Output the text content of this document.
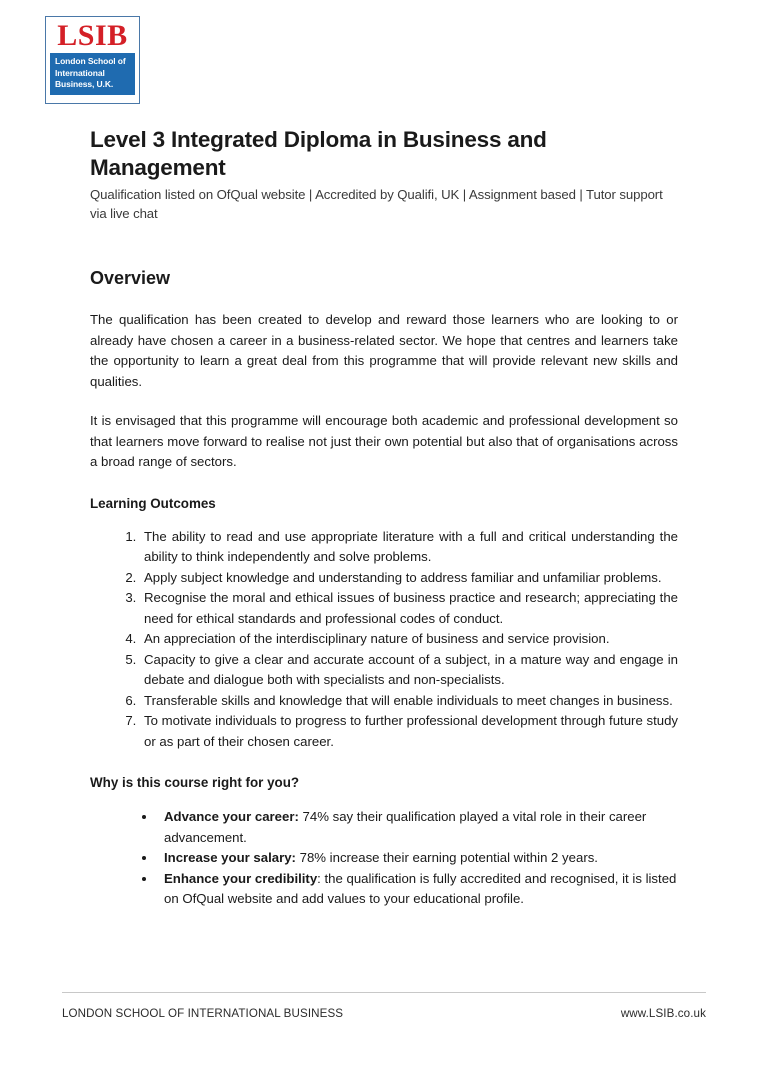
LSIB
London School of
International
Business, U.K.
Level 3 Integrated Diploma in Business and Management

Qualification listed on OfQual website | Accredited by Qualifi, UK | Assignment based | Tutor support via live chat

Overview

The qualification has been created to develop and reward those learners who are looking to or already have chosen a career in a business-related sector. We hope that centres and learners take the opportunity to learn a great deal from this programme that will provide relevant new skills and qualities.

It is envisaged that this programme will encourage both academic and professional development so that learners move forward to realise not just their own potential but also that of organisations across a broad range of sectors.

Learning Outcomes
1. The ability to read and use appropriate literature with a full and critical understanding the ability to think independently and solve problems.
2. Apply subject knowledge and understanding to address familiar and unfamiliar problems.
3. Recognise the moral and ethical issues of business practice and research; appreciating the need for ethical standards and professional codes of conduct.
4. An appreciation of the interdisciplinary nature of business and service provision.
5. Capacity to give a clear and accurate account of a subject, in a mature way and engage in debate and dialogue both with specialists and non-specialists.
6. Transferable skills and knowledge that will enable individuals to meet changes in business.
7. To motivate individuals to progress to further professional development through future study or as part of their chosen career.
Why is this course right for you?
Advance your career: 74% say their qualification played a vital role in their career advancement.
Increase your salary: 78% increase their earning potential within 2 years.
Enhance your credibility: the qualification is fully accredited and recognised, it is listed on OfQual website and add values to your educational profile.
LONDON SCHOOL OF INTERNATIONAL BUSINESS	www.LSIB.co.uk
